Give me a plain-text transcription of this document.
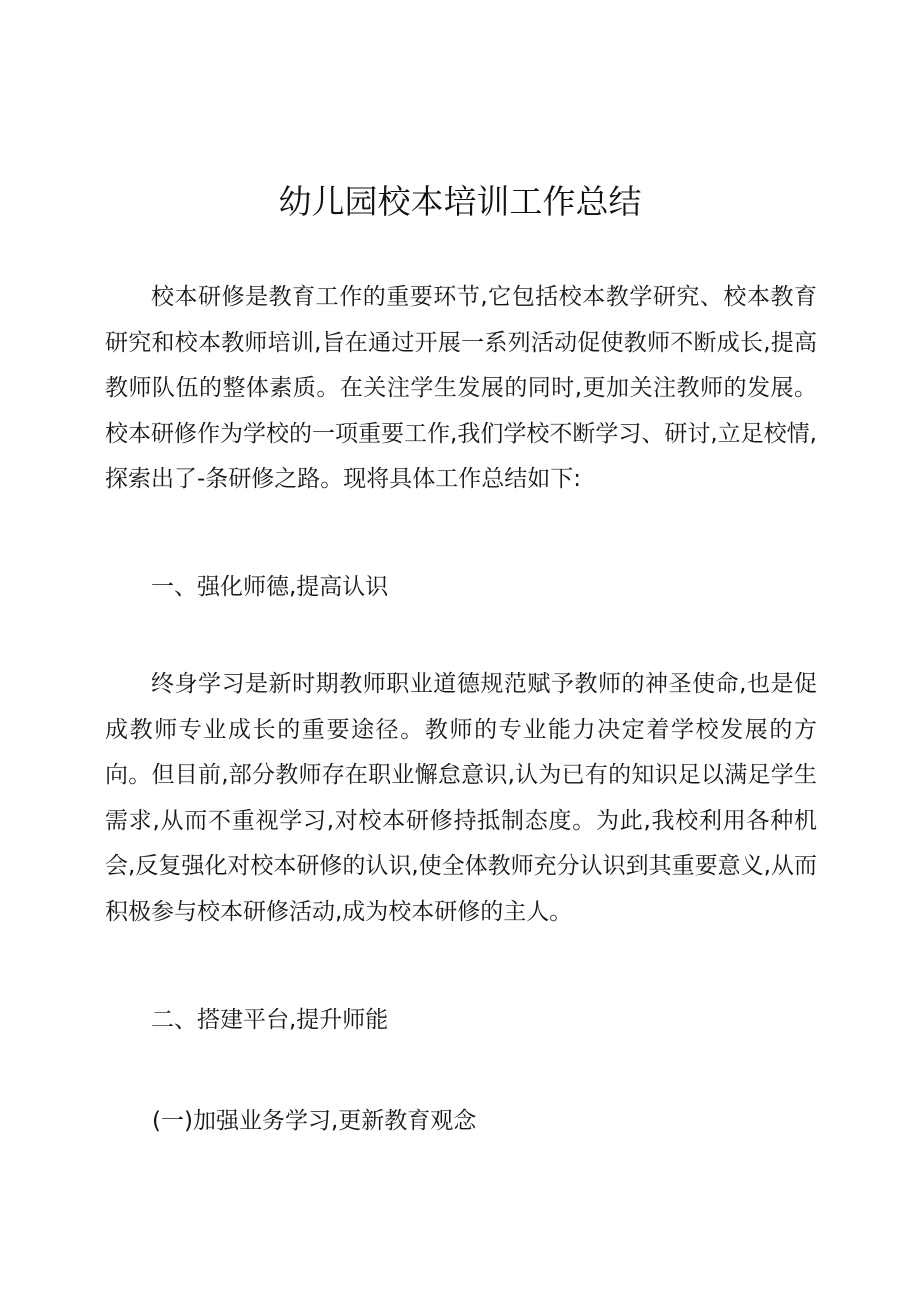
幼儿园校本培训工作总结

校本研修是教育工作的重要环节,它包括校本教学研究、校本教育研究和校本教师培训,旨在通过开展一系列活动促使教师不断成长,提高教师队伍的整体素质。在关注学生发展的同时,更加关注教师的发展。校本研修作为学校的一项重要工作,我们学校不断学习、研讨,立足校情,探索出了-条研修之路。现将具体工作总结如下:

一、强化师德,提高认识

终身学习是新时期教师职业道德规范赋予教师的神圣使命,也是促成教师专业成长的重要途径。教师的专业能力决定着学校发展的方向。但目前,部分教师存在职业懈怠意识,认为已有的知识足以满足学生需求,从而不重视学习,对校本研修持抵制态度。为此,我校利用各种机会,反复强化对校本研修的认识,使全体教师充分认识到其重要意义,从而积极参与校本研修活动,成为校本研修的主人。

二、搭建平台,提升师能

(一)加强业务学习,更新教育观念
